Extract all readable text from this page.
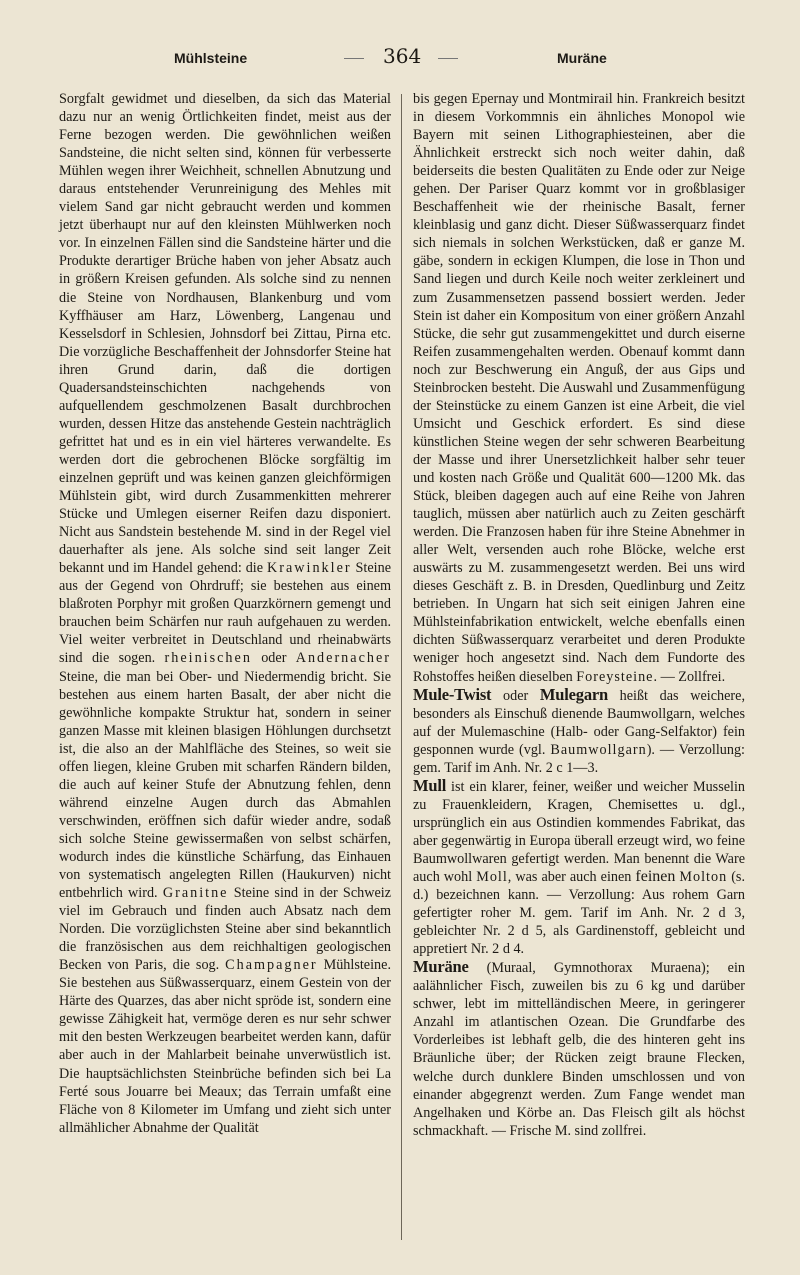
Mühlsteine	364	Muräne

Sorgfalt gewidmet und dieselben, da sich das Material dazu nur an wenig Örtlichkeiten findet, meist aus der Ferne bezogen werden. Die gewöhnlichen weißen Sandsteine, die nicht selten sind, können für verbesserte Mühlen wegen ihrer Weichheit, schnellen Abnutzung und daraus entstehender Verunreinigung des Mehles mit vielem Sand gar nicht gebraucht werden und kommen jetzt überhaupt nur auf den kleinsten Mühlwerken noch vor. In einzelnen Fällen sind die Sandsteine härter und die Produkte derartiger Brüche haben von jeher Absatz auch in größern Kreisen gefunden. Als solche sind zu nennen die Steine von Nordhausen, Blankenburg und vom Kyffhäuser am Harz, Löwenberg, Langenau und Kesselsdorf in Schlesien, Johnsdorf bei Zittau, Pirna etc. Die vorzügliche Beschaffenheit der Johnsdorfer Steine hat ihren Grund darin, daß die dortigen Quadersandsteinschichten nachgehends von aufquellendem geschmolzenen Basalt durchbrochen wurden, dessen Hitze das anstehende Gestein nachträglich gefrittet hat und es in ein viel härteres verwandelte. Es werden dort die gebrochenen Blöcke sorgfältig im einzelnen geprüft und was keinen ganzen gleichförmigen Mühlstein gibt, wird durch Zusammenkitten mehrerer Stücke und Umlegen eiserner Reifen dazu disponiert. Nicht aus Sandstein bestehende M. sind in der Regel viel dauerhafter als jene. Als solche sind seit langer Zeit bekannt und im Handel gehend: die Krawinkler Steine aus der Gegend von Ohrdruff; sie bestehen aus einem blaßroten Porphyr mit großen Quarzkörnern gemengt und brauchen beim Schärfen nur rauh aufgehauen zu werden. Viel weiter verbreitet in Deutschland und rheinabwärts sind die sogen. rheinischen oder Andernacher Steine, die man bei Ober- und Niedermendig bricht. Sie bestehen aus einem harten Basalt, der aber nicht die gewöhnliche kompakte Struktur hat, sondern in seiner ganzen Masse mit kleinen blasigen Höhlungen durchsetzt ist, die also an der Mahlfläche des Steines, so weit sie offen liegen, kleine Gruben mit scharfen Rändern bilden, die auch auf keiner Stufe der Abnutzung fehlen, denn während einzelne Augen durch das Abmahlen verschwinden, eröffnen sich dafür wieder andre, sodaß sich solche Steine gewissermaßen von selbst schärfen, wodurch indes die künstliche Schärfung, das Einhauen von systematisch angelegten Rillen (Haukurven) nicht entbehrlich wird. Granitne Steine sind in der Schweiz viel im Gebrauch und finden auch Absatz nach dem Norden. Die vorzüglichsten Steine aber sind bekanntlich die französischen aus dem reichhaltigen geologischen Becken von Paris, die sog. Champagner Mühlsteine. Sie bestehen aus Süßwasserquarz, einem Gestein von der Härte des Quarzes, das aber nicht spröde ist, sondern eine gewisse Zähigkeit hat, vermöge deren es nur sehr schwer mit den besten Werkzeugen bearbeitet werden kann, dafür aber auch in der Mahlarbeit beinahe unverwüstlich ist. Die hauptsächlichsten Steinbrüche befinden sich bei La Ferté sous Jouarre bei Meaux; das Terrain umfaßt eine Fläche von 8 Kilometer im Umfang und zieht sich unter allmählicher Abnahme der Qualität

bis gegen Epernay und Montmirail hin. Frankreich besitzt in diesem Vorkommnis ein ähnliches Monopol wie Bayern mit seinen Lithographiesteinen, aber die Ähnlichkeit erstreckt sich noch weiter dahin, daß beiderseits die besten Qualitäten zu Ende oder zur Neige gehen. Der Pariser Quarz kommt vor in großblasiger Beschaffenheit wie der rheinische Basalt, ferner kleinblasig und ganz dicht. Dieser Süßwasserquarz findet sich niemals in solchen Werkstücken, daß er ganze M. gäbe, sondern in eckigen Klumpen, die lose in Thon und Sand liegen und durch Keile noch weiter zerkleinert und zum Zusammensetzen passend bossiert werden. Jeder Stein ist daher ein Kompositum von einer größern Anzahl Stücke, die sehr gut zusammengekittet und durch eiserne Reifen zusammengehalten werden. Obenauf kommt dann noch zur Beschwerung ein Anguß, der aus Gips und Steinbrocken besteht. Die Auswahl und Zusammenfügung der Steinstücke zu einem Ganzen ist eine Arbeit, die viel Umsicht und Geschick erfordert. Es sind diese künstlichen Steine wegen der sehr schweren Bearbeitung der Masse und ihrer Unersetzlichkeit halber sehr teuer und kosten nach Größe und Qualität 600—1200 Mk. das Stück, bleiben dagegen auch auf eine Reihe von Jahren tauglich, müssen aber natürlich auch zu Zeiten geschärft werden. Die Franzosen haben für ihre Steine Abnehmer in aller Welt, versenden auch rohe Blöcke, welche erst auswärts zu M. zusammengesetzt werden. Bei uns wird dieses Geschäft z. B. in Dresden, Quedlinburg und Zeitz betrieben. In Ungarn hat sich seit einigen Jahren eine Mühlsteinfabrikation entwickelt, welche ebenfalls einen dichten Süßwasserquarz verarbeitet und deren Produkte weniger hoch angesetzt sind. Nach dem Fundorte des Rohstoffes heißen dieselben Foreysteine. — Zollfrei.

Mule-Twist oder Mulegarn heißt das weichere, besonders als Einschuß dienende Baumwollgarn, welches auf der Mulemaschine (Halb- oder Gang-Selfaktor) fein gesponnen wurde (vgl. Baumwollgarn). — Verzollung: gem. Tarif im Anh. Nr. 2 c 1—3.

Mull ist ein klarer, feiner, weißer und weicher Musselin zu Frauenkleidern, Kragen, Chemisettes u. dgl., ursprünglich ein aus Ostindien kommendes Fabrikat, das aber gegenwärtig in Europa überall erzeugt wird, wo feine Baumwollwaren gefertigt werden. Man benennt die Ware auch wohl Moll, was aber auch einen feinen Molton (s. d.) bezeichnen kann. — Verzollung: Aus rohem Garn gefertigter roher M. gem. Tarif im Anh. Nr. 2 d 3, gebleichter Nr. 2 d 5, als Gardinenstoff, gebleicht und appretiert Nr. 2 d 4.

Muräne (Muraal, Gymnothorax Muraena); ein aalähnlicher Fisch, zuweilen bis zu 6 kg und darüber schwer, lebt im mittelländischen Meere, in geringerer Anzahl im atlantischen Ozean. Die Grundfarbe des Vorderleibes ist lebhaft gelb, die des hinteren geht ins Bräunliche über; der Rücken zeigt braune Flecken, welche durch dunklere Binden umschlossen und von einander abgegrenzt werden. Zum Fange wendet man Angelhaken und Körbe an. Das Fleisch gilt als höchst schmackhaft. — Frische M. sind zollfrei.
